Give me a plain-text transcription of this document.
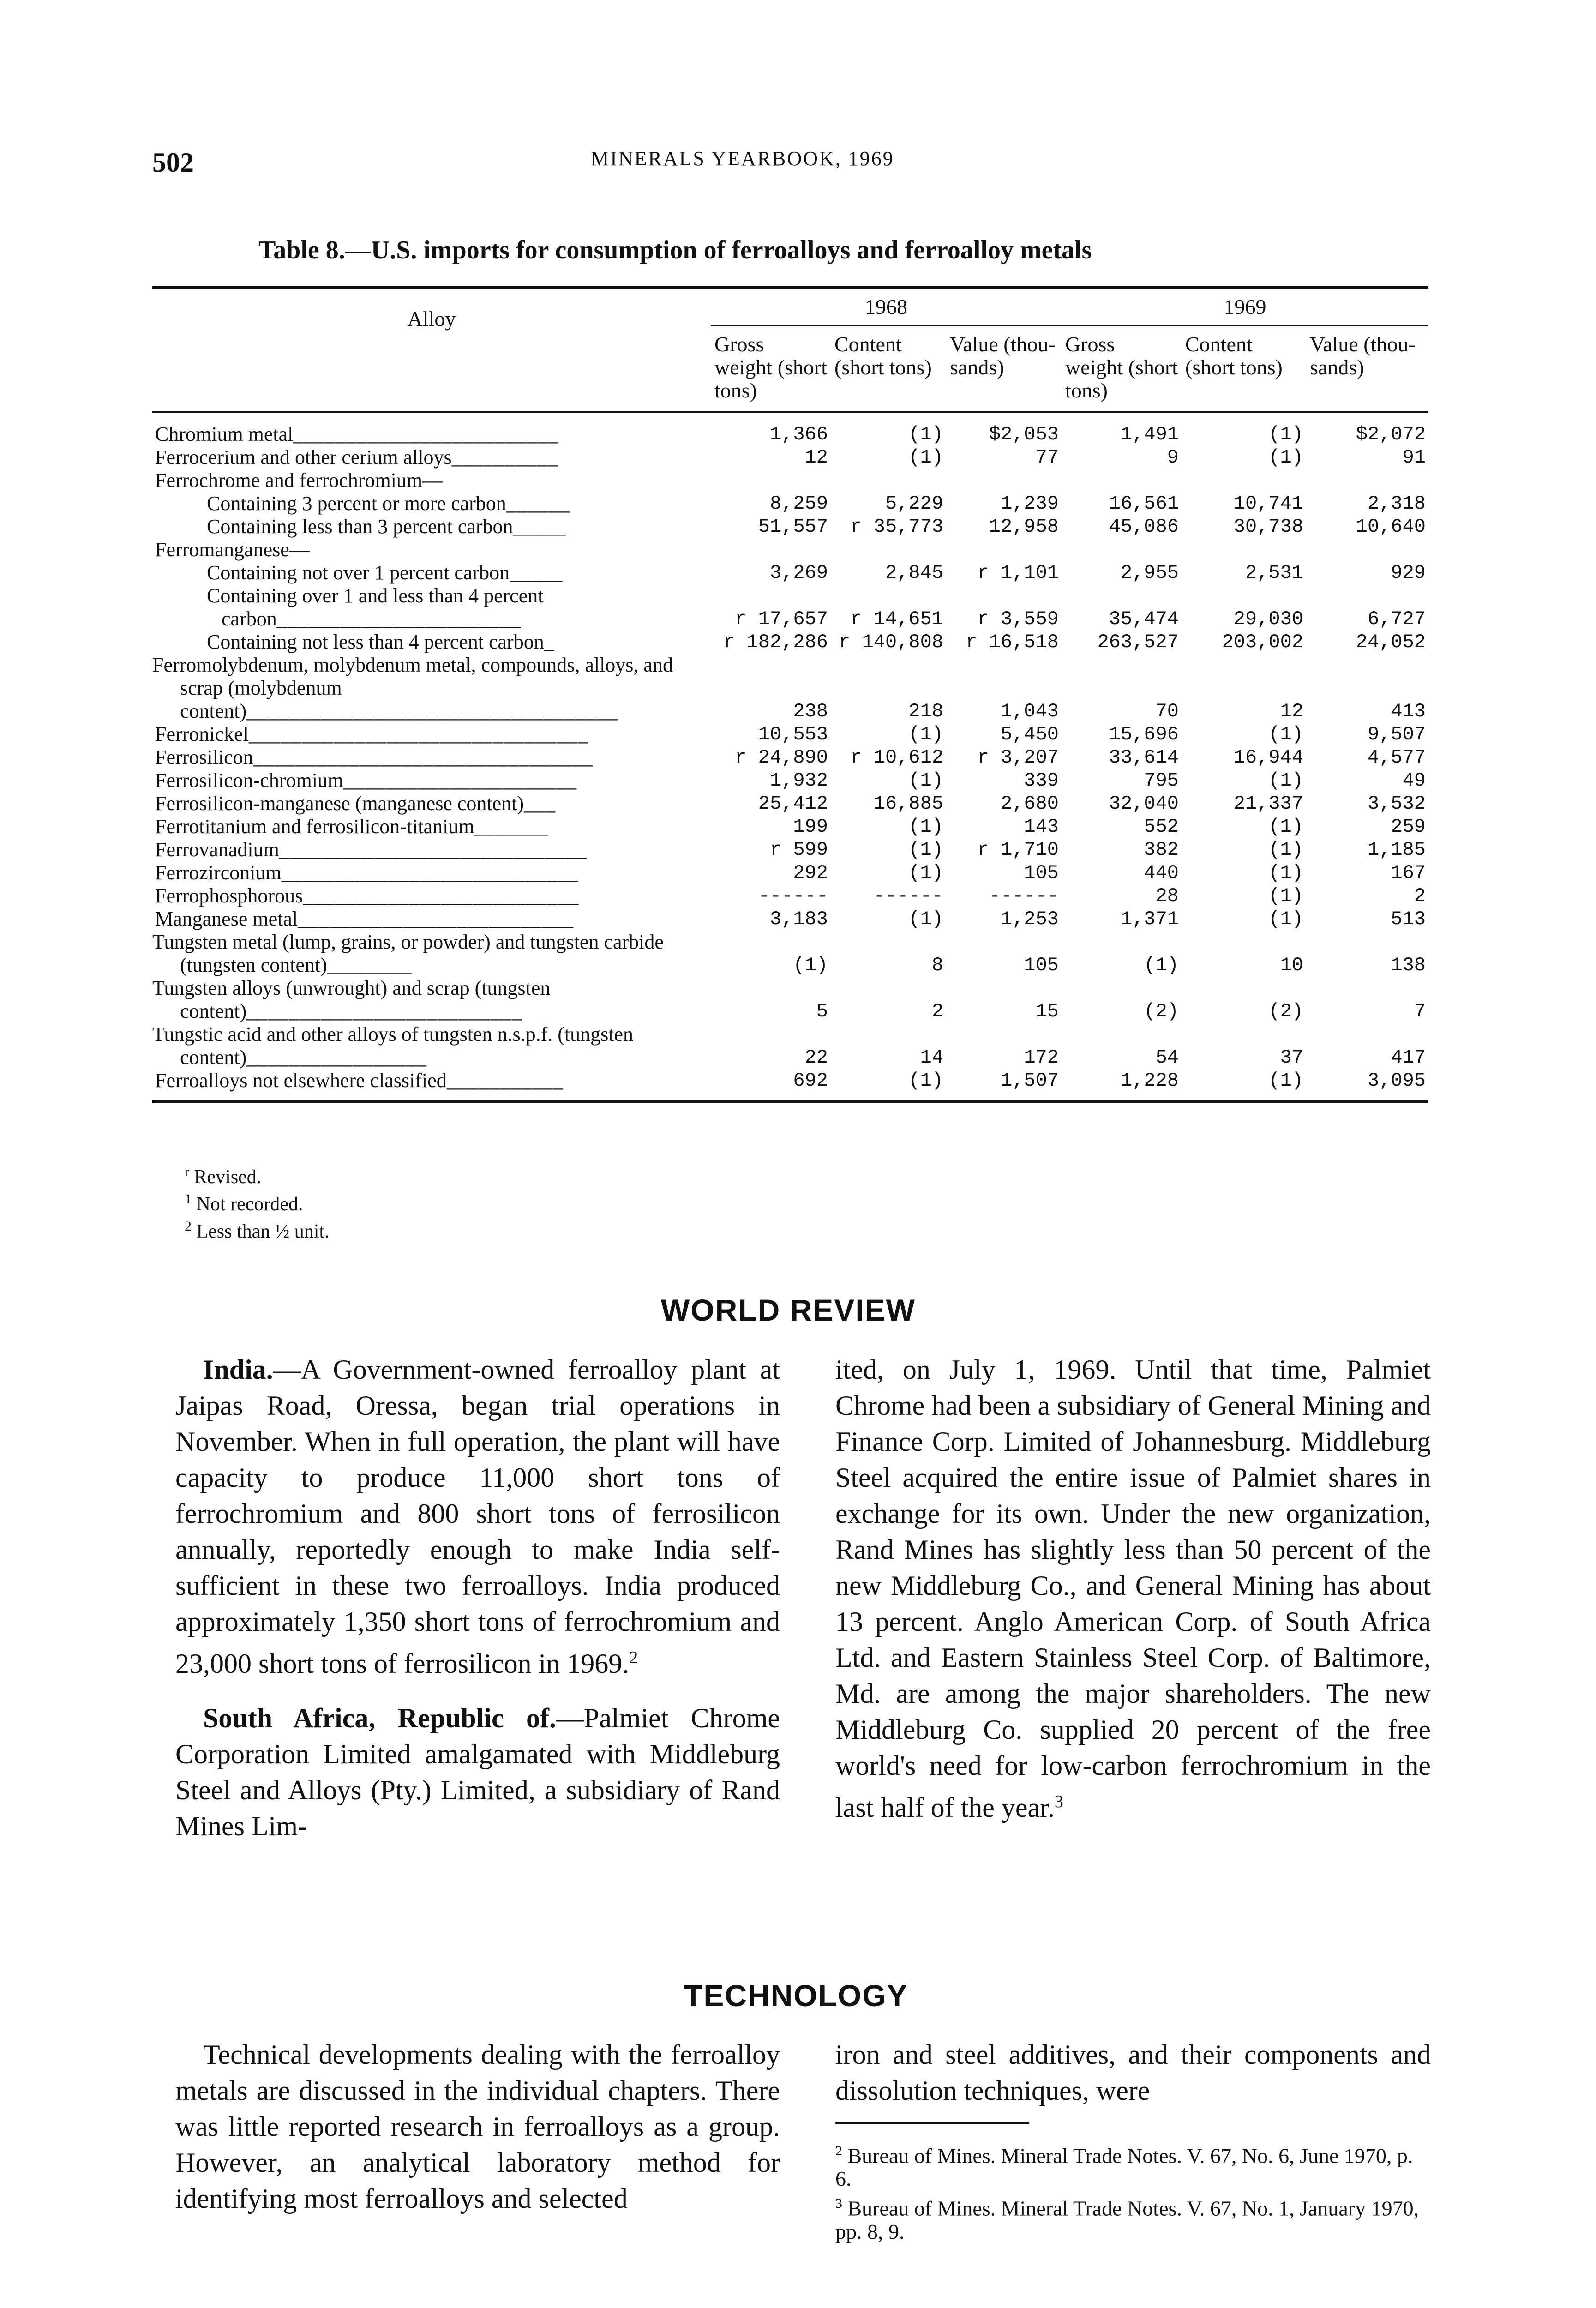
502	MINERALS YEARBOOK, 1969
Table 8.—U.S. imports for consumption of ferroalloys and ferroalloy metals

Alloy	1968			1969		
	Gross weight (short tons)	Content (short tons)	Value (thou- sands)	Gross weight (short tons)	Content (short tons)	Value (thou- sands)
Chromium metal_________________________	1,366	(1)	$2,053	1,491	(1)	$2,072
Ferrocerium and other cerium alloys__________	12	(1)	77	9	(1)	91
Ferrochrome and ferrochromium—						
Containing 3 percent or more carbon______	8,259	5,229	1,239	16,561	10,741	2,318
Containing less than 3 percent carbon_____	51,557	r 35,773	12,958	45,086	30,738	10,640
Ferromanganese—						
Containing not over 1 percent carbon_____	3,269	2,845	r 1,101	2,955	2,531	929
Containing over 1 and less than 4 percent carbon_______________________	r 17,657	r 14,651	r 3,559	35,474	29,030	6,727
Containing not less than 4 percent carbon_	r 182,286	r 140,808	r 16,518	263,527	203,002	24,052
Ferromolybdenum, molybdenum metal, compounds, alloys, and scrap (molybdenum content)___________________________________	238	218	1,043	70	12	413
Ferronickel________________________________	10,553	(1)	5,450	15,696	(1)	9,507
Ferrosilicon________________________________	r 24,890	r 10,612	r 3,207	33,614	16,944	4,577
Ferrosilicon-chromium______________________	1,932	(1)	339	795	(1)	49
Ferrosilicon-manganese (manganese content)___	25,412	16,885	2,680	32,040	21,337	3,532
Ferrotitanium and ferrosilicon-titanium_______	199	(1)	143	552	(1)	259
Ferrovanadium_____________________________	r 599	(1)	r 1,710	382	(1)	1,185
Ferrozirconium____________________________	292	(1)	105	440	(1)	167
Ferrophosphorous__________________________	------	------	------	28	(1)	2
Manganese metal__________________________	3,183	(1)	1,253	1,371	(1)	513
Tungsten metal (lump, grains, or powder) and tungsten carbide (tungsten content)________	(1)	8	105	(1)	10	138
Tungsten alloys (unwrought) and scrap (tungsten content)__________________________	5	2	15	(2)	(2)	7
Tungstic acid and other alloys of tungsten n.s.p.f. (tungsten content)_________________	22	14	172	54	37	417
Ferroalloys not elsewhere classified___________	692	(1)	1,507	1,228	(1)	3,095
$^r$ Revised.
$^1$ Not recorded.
$^2$ Less than ½ unit.
WORLD REVIEW

India.—A Government-owned ferroalloy plant at Jaipas Road, Oressa, began trial operations in November. When in full operation, the plant will have capacity to produce 11,000 short tons of ferrochromium and 800 short tons of ferrosilicon annually, reportedly enough to make India self-sufficient in these two ferroalloys. India produced approximately 1,350 short tons of ferrochromium and 23,000 short tons of ferrosilicon in 1969.$^2$

South Africa, Republic of.—Palmiet Chrome Corporation Limited amalgamated with Middleburg Steel and Alloys (Pty.) Limited, a subsidiary of Rand Mines Lim-

ited, on July 1, 1969. Until that time, Palmiet Chrome had been a subsidiary of General Mining and Finance Corp. Limited of Johannesburg. Middleburg Steel acquired the entire issue of Palmiet shares in exchange for its own. Under the new organization, Rand Mines has slightly less than 50 percent of the new Middleburg Co., and General Mining has about 13 percent. Anglo American Corp. of South Africa Ltd. and Eastern Stainless Steel Corp. of Baltimore, Md. are among the major shareholders. The new Middleburg Co. supplied 20 percent of the free world's need for low-carbon ferrochromium in the last half of the year.$^3$

TECHNOLOGY

Technical developments dealing with the ferroalloy metals are discussed in the individual chapters. There was little reported research in ferroalloys as a group. However, an analytical laboratory method for identifying most ferroalloys and selected

iron and steel additives, and their components and dissolution techniques, were

$^2$ Bureau of Mines. Mineral Trade Notes. V. 67, No. 6, June 1970, p. 6.

$^3$ Bureau of Mines. Mineral Trade Notes. V. 67, No. 1, January 1970, pp. 8, 9.
